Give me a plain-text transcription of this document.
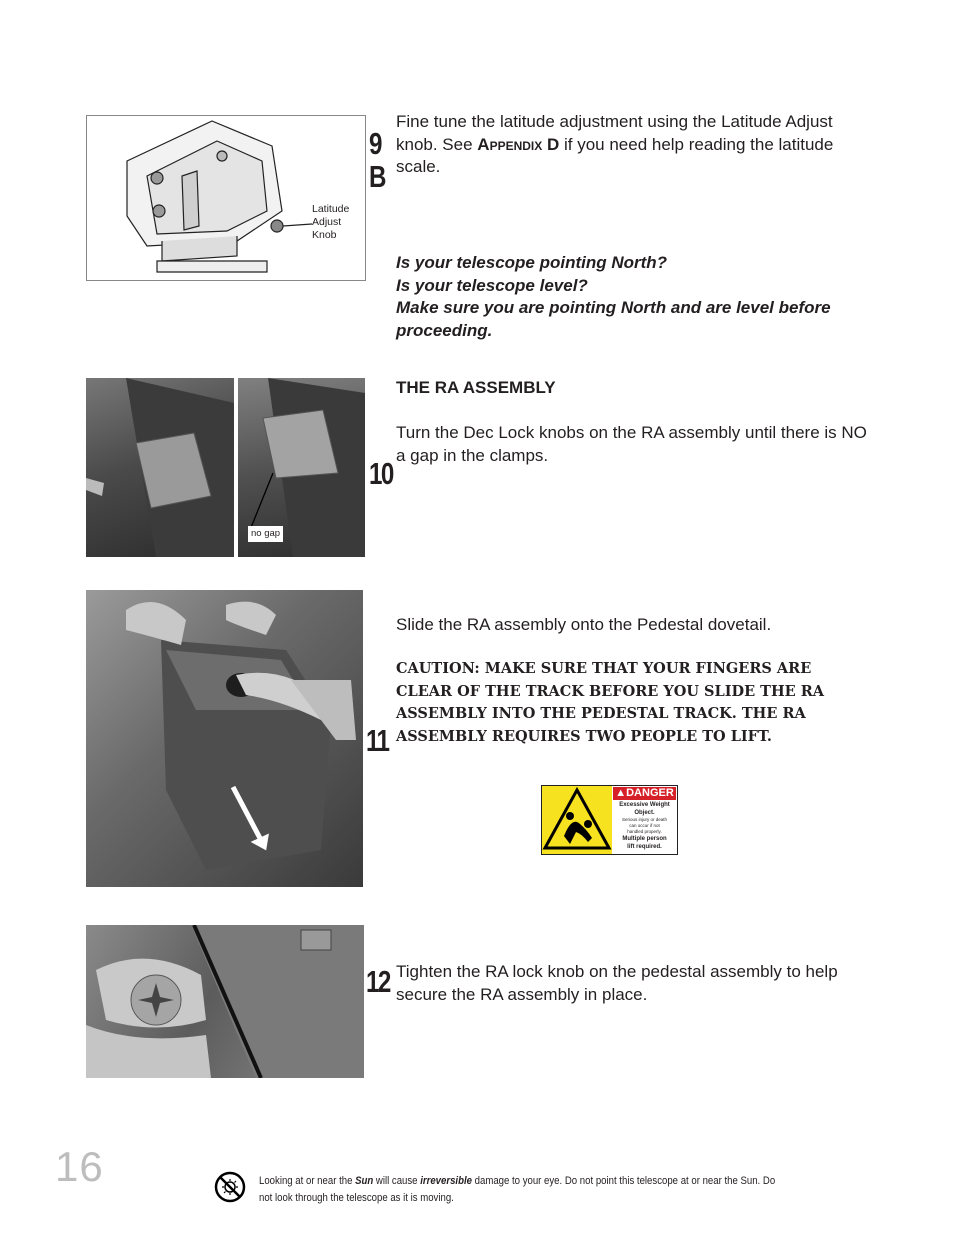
Latitude
Adjust
Knob
9
B
Fine tune the latitude adjustment using the Latitude Adjust knob. See Appendix D if you need help reading the latitude scale.
Is your telescope pointing North?
Is your telescope level?
Make sure you are pointing North and are level before proceeding.
no gap
10
THE RA ASSEMBLY
Turn the Dec Lock knobs on the RA assembly until there is NO a gap in the clamps.
11
Slide the RA assembly onto the Pedestal dovetail.
CAUTION: MAKE SURE THAT YOUR FINGERS ARE CLEAR OF THE TRACK BEFORE YOU SLIDE THE RA ASSEMBLY INTO THE PEDESTAL TRACK. THE RA ASSEMBLY REQUIRES TWO PEOPLE TO LIFT.
▲DANGER
Excessive Weight
Object.
Serious injury or death
can occur if not
handled properly.
Multiple person
lift required.
12 Tighten the RA lock knob on the pedestal assembly to help secure the RA assembly in place.
16	Looking at or near the Sun will cause irreversible damage to your eye. Do not point this telescope at or near the Sun. Do not look through the telescope as it is moving.
